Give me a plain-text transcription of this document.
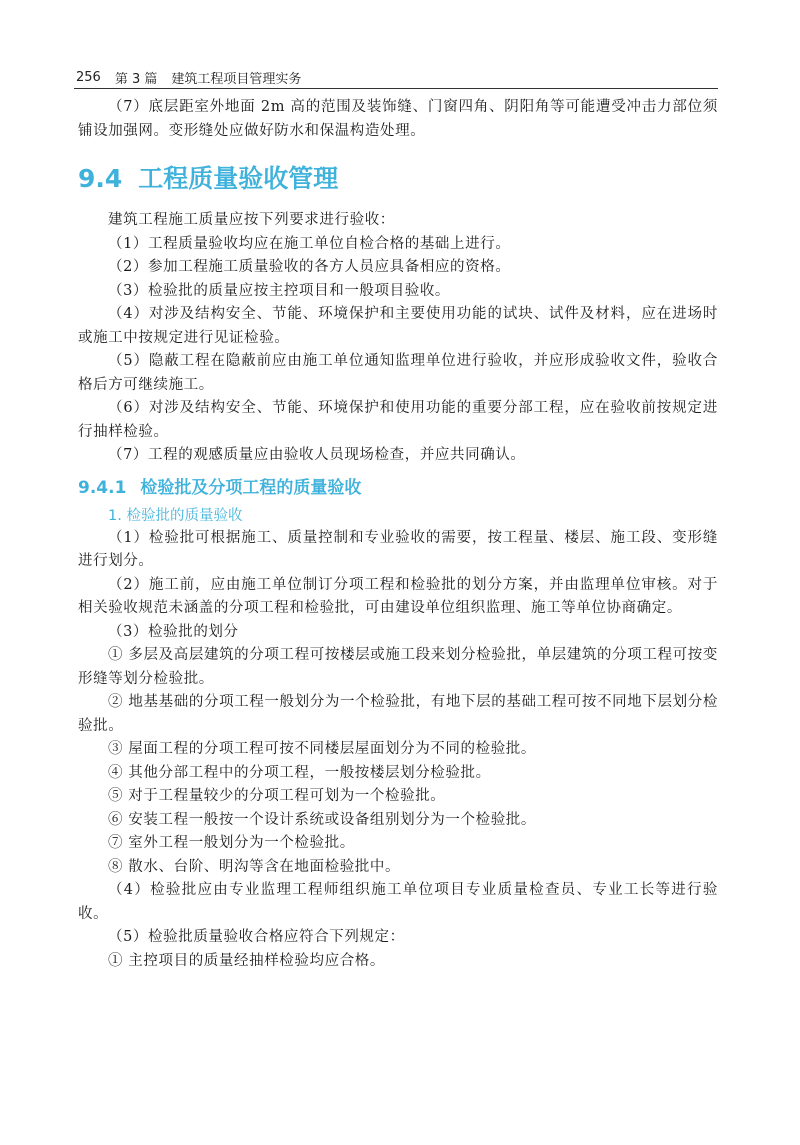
256 第 3 篇 建筑工程项目管理实务

（7）底层距室外地面 2m 高的范围及装饰缝、门窗四角、阴阳角等可能遭受冲击力部位须铺设加强网。变形缝处应做好防水和保温构造处理。

9.4 工程质量验收管理

建筑工程施工质量应按下列要求进行验收：

（1）工程质量验收均应在施工单位自检合格的基础上进行。

（2）参加工程施工质量验收的各方人员应具备相应的资格。

（3）检验批的质量应按主控项目和一般项目验收。

（4）对涉及结构安全、节能、环境保护和主要使用功能的试块、试件及材料，应在进场时或施工中按规定进行见证检验。

（5）隐蔽工程在隐蔽前应由施工单位通知监理单位进行验收，并应形成验收文件，验收合格后方可继续施工。

（6）对涉及结构安全、节能、环境保护和使用功能的重要分部工程，应在验收前按规定进行抽样检验。

（7）工程的观感质量应由验收人员现场检查，并应共同确认。

9.4.1 检验批及分项工程的质量验收
1. 检验批的质量验收

（1）检验批可根据施工、质量控制和专业验收的需要，按工程量、楼层、施工段、变形缝进行划分。

（2）施工前，应由施工单位制订分项工程和检验批的划分方案，并由监理单位审核。对于相关验收规范未涵盖的分项工程和检验批，可由建设单位组织监理、施工等单位协商确定。

（3）检验批的划分

① 多层及高层建筑的分项工程可按楼层或施工段来划分检验批，单层建筑的分项工程可按变形缝等划分检验批。

② 地基基础的分项工程一般划分为一个检验批，有地下层的基础工程可按不同地下层划分检验批。

③ 屋面工程的分项工程可按不同楼层屋面划分为不同的检验批。

④ 其他分部工程中的分项工程，一般按楼层划分检验批。

⑤ 对于工程量较少的分项工程可划为一个检验批。

⑥ 安装工程一般按一个设计系统或设备组别划分为一个检验批。

⑦ 室外工程一般划分为一个检验批。

⑧ 散水、台阶、明沟等含在地面检验批中。

（4）检验批应由专业监理工程师组织施工单位项目专业质量检查员、专业工长等进行验收。

（5）检验批质量验收合格应符合下列规定：

① 主控项目的质量经抽样检验均应合格。
